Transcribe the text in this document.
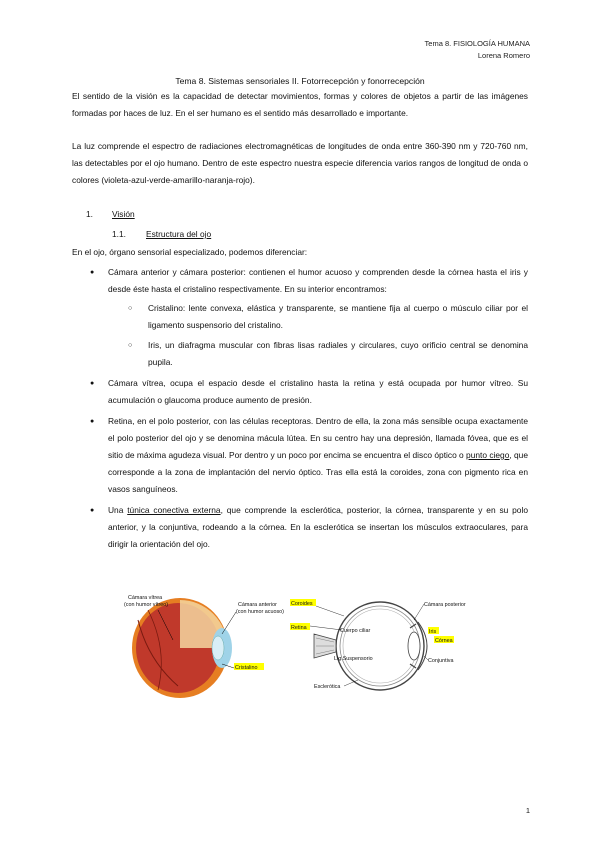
Tema 8. FISIOLOGÍA HUMANA
Lorena Romero
Tema 8. Sistemas sensoriales II. Fotorrecepción y fonorrecepción

El sentido de la visión es la capacidad de detectar movimientos, formas y colores de objetos a partir de las imágenes formadas por haces de luz. En el ser humano es el sentido más desarrollado e importante.

La luz comprende el espectro de radiaciones electromagnéticas de longitudes de onda entre 360-390 nm y 720-760 nm, las detectables por el ojo humano. Dentro de este espectro nuestra especie diferencia varios rangos de longitud de onda o colores (violeta-azul-verde-amarillo-naranja-rojo).

1. Visión
1.1. Estructura del ojo
En el ojo, órgano sensorial especializado, podemos diferenciar:
● Cámara anterior y cámara posterior: contienen el humor acuoso y comprenden desde la córnea hasta el iris y desde éste hasta el cristalino respectivamente. En su interior encontramos:
○ Cristalino: lente convexa, elástica y transparente, se mantiene fija al cuerpo o músculo ciliar por el ligamento suspensorio del cristalino.
○ Iris, un diafragma muscular con fibras lisas radiales y circulares, cuyo orificio central se denomina pupila.
● Cámara vítrea, ocupa el espacio desde el cristalino hasta la retina y está ocupada por humor vítreo. Su acumulación o glaucoma produce aumento de presión.
● Retina, en el polo posterior, con las células receptoras. Dentro de ella, la zona más sensible ocupa exactamente el polo posterior del ojo y se denomina mácula lútea. En su centro hay una depresión, llamada fóvea, que es el sitio de máxima agudeza visual. Por dentro y un poco por encima se encuentra el disco óptico o punto ciego, que corresponde a la zona de implantación del nervio óptico. Tras ella está la coroides, zona con pigmento rica en vasos sanguíneos.
● Una túnica conectiva externa, que comprende la esclerótica, posterior, la córnea, transparente y en su polo anterior, y la conjuntiva, rodeando a la córnea. En la esclerótica se insertan los músculos extraoculares, para dirigir la orientación del ojo.
Cámara vítrea
(con humor vítreo)	Cámara anterior
(con humor acuoso)
Cristalino
Coroides	Cámara posterior
Retina	Cuerpo ciliar	Iris
Córnea
Lig.Suspensorio	Conjuntiva
Esclerótica
1
